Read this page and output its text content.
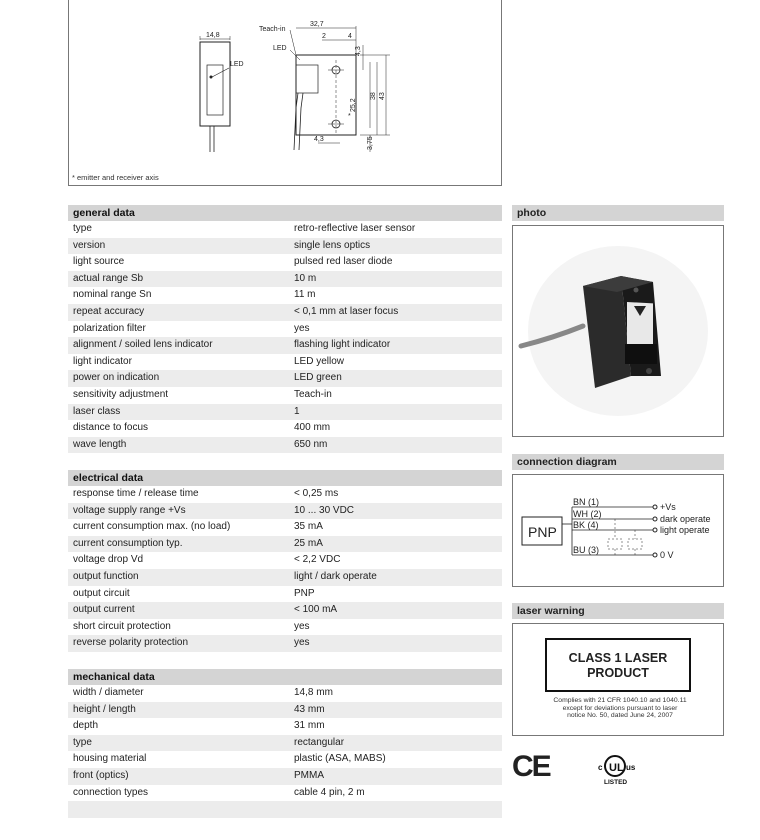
14,8
LED
32,7
2	4
Teach-in
LED	4,3
25,2
38 43
3,75
*
4,3
* emitter and receiver axis
general data
type	retro-reflective laser sensor
version	single lens optics
light source	pulsed red laser diode
actual range Sb	10 m
nominal range Sn	11 m
repeat accuracy	< 0,1 mm at laser focus
polarization filter	yes
alignment / soiled lens indicator	flashing light indicator
light indicator	LED yellow
power on indication	LED green
sensitivity adjustment	Teach-in
laser class	1
distance to focus	400 mm
wave length	650 nm
electrical data
response time / release time	< 0,25 ms
voltage supply range +Vs	10 ... 30 VDC
current consumption max. (no load)	35 mA
current consumption typ.	25 mA
voltage drop Vd	< 2,2 VDC
output function	light / dark operate
output circuit	PNP
output current	< 100 mA
short circuit protection	yes
reverse polarity protection	yes
mechanical data
width / diameter	14,8 mm
height / length	43 mm
depth	31 mm
type	rectangular
housing material	plastic (ASA, MABS)
front (optics)	PMMA
connection types	cable 4 pin, 2 m
photo
connection diagram
PNP
BN (1)
WH (2)
BK (4)
BU (3)
+Vs
dark operate
light operate
0 V
laser warning
CLASS 1 LASER
PRODUCT
Complies with 21 CFR 1040.10 and 1040.11
except for deviations pursuant to laser
notice No. 50, dated June 24, 2007
CE	UL
c	us
LISTED
